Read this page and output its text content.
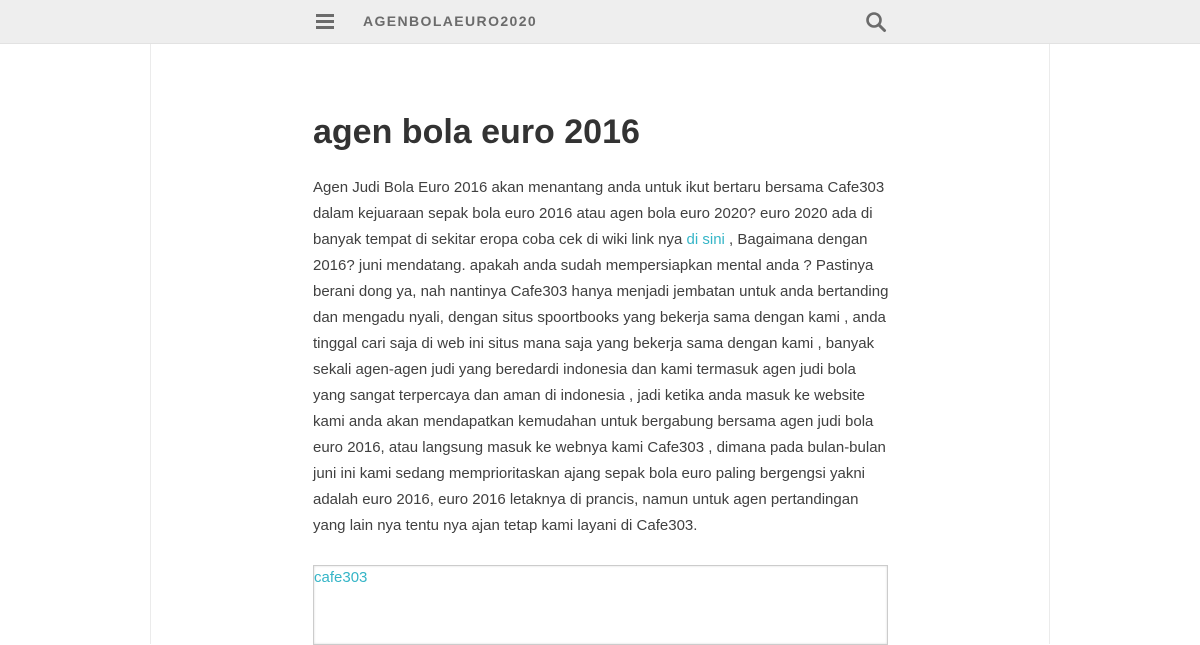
AGENBOLAEURO2020
agen bola euro 2016

Agen Judi Bola Euro 2016 akan menantang anda untuk ikut bertaru bersama Cafe303 dalam kejuaraan sepak bola euro 2016 atau agen bola euro 2020? euro 2020 ada di banyak tempat di sekitar eropa coba cek di wiki link nya di sini , Bagaimana dengan 2016? juni mendatang. apakah anda sudah mempersiapkan mental anda ? Pastinya berani dong ya, nah nantinya Cafe303 hanya menjadi jembatan untuk anda bertanding dan mengadu nyali, dengan situs spoortbooks yang bekerja sama dengan kami , anda tinggal cari saja di web ini situs mana saja yang bekerja sama dengan kami , banyak sekali agen-agen judi yang beredardi indonesia dan kami termasuk agen judi bola yang sangat terpercaya dan aman di indonesia , jadi ketika anda masuk ke website kami anda akan mendapatkan kemudahan untuk bergabung bersama agen judi bola euro 2016, atau langsung masuk ke webnya kami Cafe303 , dimana pada bulan-bulan juni ini kami sedang memprioritaskan ajang sepak bola euro paling bergengsi yakni adalah euro 2016, euro 2016 letaknya di prancis, namun untuk agen pertandingan yang lain nya tentu nya ajan tetap kami layani di Cafe303.

cafe303
